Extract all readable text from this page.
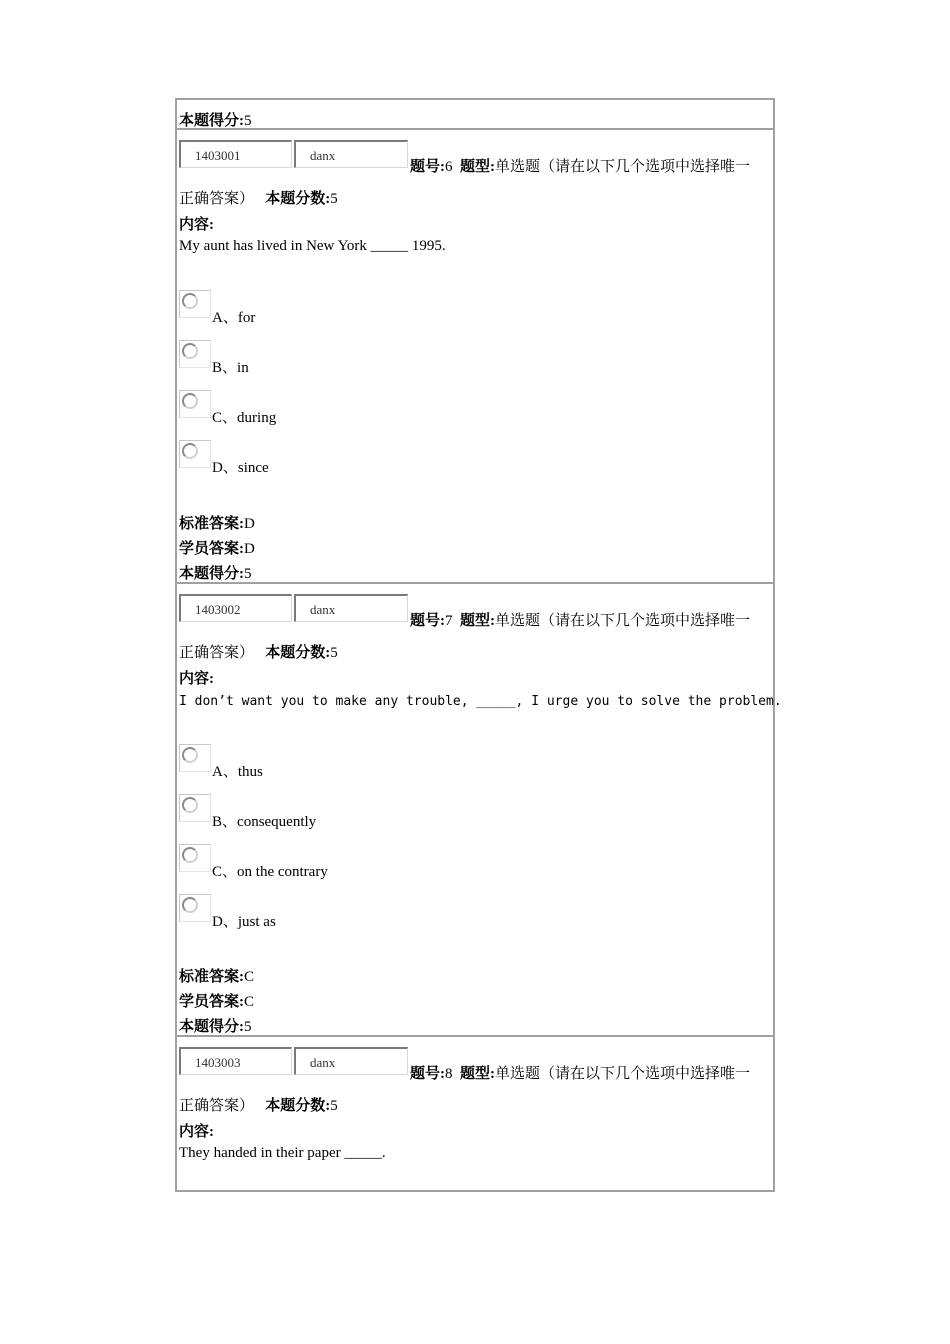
本题得分:5
1403001	danx
题号:6 题型:单选题（请在以下几个选项中选择唯一
正确答案） 本题分数:5
内容:
My aunt has lived in New York _____ 1995.
A、for
B、in
C、during
D、since
标准答案:D
学员答案:D
本题得分:5
1403002	danx
题号:7 题型:单选题（请在以下几个选项中选择唯一
正确答案） 本题分数:5
内容:
I don’t want you to make any trouble, _____, I urge you to solve the problem.
A、thus
B、consequently
C、on the contrary
D、just as
标准答案:C
学员答案:C
本题得分:5
1403003	danx
题号:8 题型:单选题（请在以下几个选项中选择唯一
正确答案） 本题分数:5
内容:
They handed in their paper _____.
